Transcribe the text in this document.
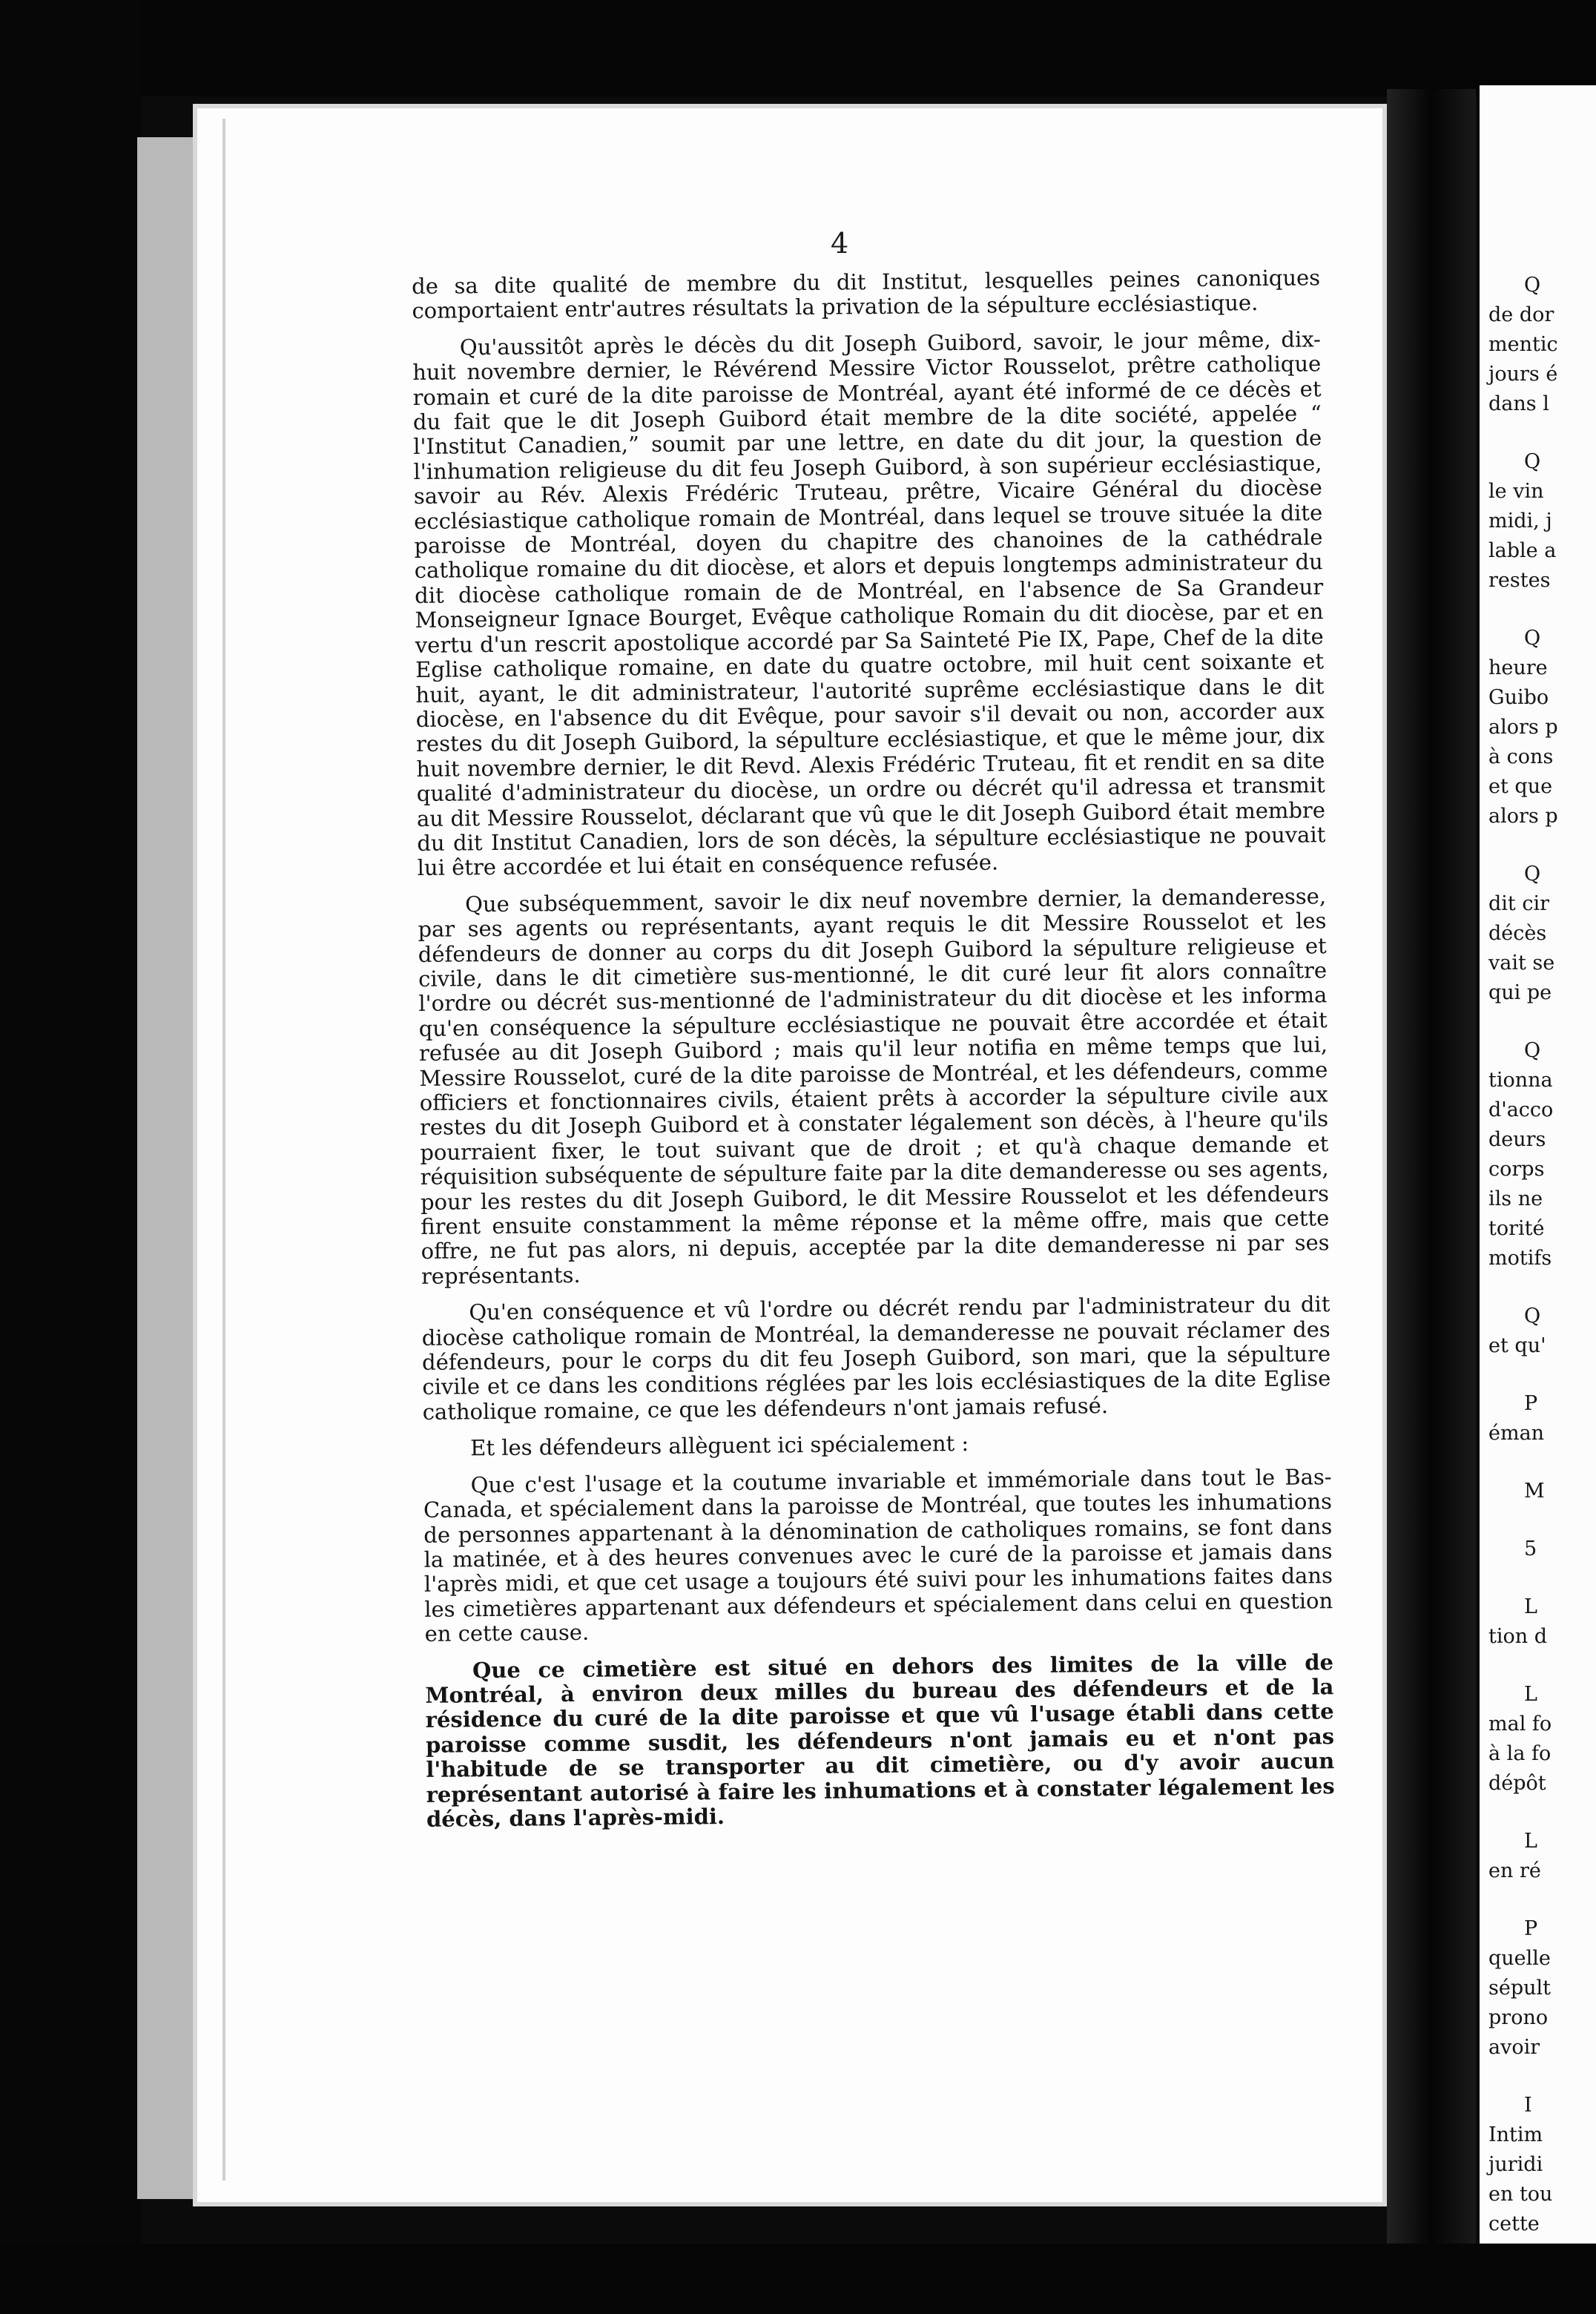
4

de sa dite qualité de membre du dit Institut, lesquelles peines canoniques comportaient entr'autres résultats la privation de la sépulture ecclésiastique.

Qu'aussitôt après le décès du dit Joseph Guibord, savoir, le jour même, dix-huit novembre dernier, le Révérend Messire Victor Rousselot, prêtre catholique romain et curé de la dite paroisse de Montréal, ayant été informé de ce décès et du fait que le dit Joseph Guibord était membre de la dite société, appelée “ l'Institut Canadien,” soumit par une lettre, en date du dit jour, la question de l'inhumation religieuse du dit feu Joseph Guibord, à son supérieur ecclésiastique, savoir au Rév. Alexis Frédéric Truteau, prêtre, Vicaire Général du diocèse ecclésiastique catholique romain de Montréal, dans lequel se trouve située la dite paroisse de Montréal, doyen du chapitre des chanoines de la cathédrale catholique romaine du dit diocèse, et alors et depuis longtemps administrateur du dit diocèse catholique romain de de Montréal, en l'absence de Sa Grandeur Monseigneur Ignace Bourget, Evêque catholique Romain du dit diocèse, par et en vertu d'un rescrit apostolique accordé par Sa Sainteté Pie IX, Pape, Chef de la dite Eglise catholique romaine, en date du quatre octobre, mil huit cent soixante et huit, ayant, le dit administrateur, l'autorité suprême ecclésiastique dans le dit diocèse, en l'absence du dit Evêque, pour savoir s'il devait ou non, accorder aux restes du dit Joseph Guibord, la sépulture ecclésiastique, et que le même jour, dix huit novembre dernier, le dit Revd. Alexis Frédéric Truteau, fit et rendit en sa dite qualité d'administrateur du diocèse, un ordre ou décrét qu'il adressa et transmit au dit Messire Rousselot, déclarant que vû que le dit Joseph Guibord était membre du dit Institut Canadien, lors de son décès, la sépulture ecclésiastique ne pouvait lui être accordée et lui était en conséquence refusée.

Que subséquemment, savoir le dix neuf novembre dernier, la demanderesse, par ses agents ou représentants, ayant requis le dit Messire Rousselot et les défendeurs de donner au corps du dit Joseph Guibord la sépulture religieuse et civile, dans le dit cimetière sus-mentionné, le dit curé leur fit alors connaître l'ordre ou décrét sus-mentionné de l'administrateur du dit diocèse et les informa qu'en conséquence la sépulture ecclésiastique ne pouvait être accordée et était refusée au dit Joseph Guibord ; mais qu'il leur notifia en même temps que lui, Messire Rousselot, curé de la dite paroisse de Montréal, et les défendeurs, comme officiers et fonctionnaires civils, étaient prêts à accorder la sépulture civile aux restes du dit Joseph Guibord et à constater légalement son décès, à l'heure qu'ils pourraient fixer, le tout suivant que de droit ; et qu'à chaque demande et réquisition subséquente de sépulture faite par la dite demanderesse ou ses agents, pour les restes du dit Joseph Guibord, le dit Messire Rousselot et les défendeurs firent ensuite constamment la même réponse et la même offre, mais que cette offre, ne fut pas alors, ni depuis, acceptée par la dite demanderesse ni par ses représentants.

Qu'en conséquence et vû l'ordre ou décrét rendu par l'administrateur du dit diocèse catholique romain de Montréal, la demanderesse ne pouvait réclamer des défendeurs, pour le corps du dit feu Joseph Guibord, son mari, que la sépulture civile et ce dans les conditions réglées par les lois ecclésiastiques de la dite Eglise catholique romaine, ce que les défendeurs n'ont jamais refusé.

Et les défendeurs allèguent ici spécialement :

Que c'est l'usage et la coutume invariable et immémoriale dans tout le Bas-Canada, et spécialement dans la paroisse de Montréal, que toutes les inhumations de personnes appartenant à la dénomination de catholiques romains, se font dans la matinée, et à des heures convenues avec le curé de la paroisse et jamais dans l'après midi, et que cet usage a toujours été suivi pour les inhumations faites dans les cimetières appartenant aux défendeurs et spécialement dans celui en question en cette cause.

Que ce cimetière est situé en dehors des limites de la ville de Montréal, à environ deux milles du bureau des défendeurs et de la résidence du curé de la dite paroisse et que vû l'usage établi dans cette paroisse comme susdit, les défendeurs n'ont jamais eu et n'ont pas l'habitude de se transporter au dit cimetière, ou d'y avoir aucun représentant autorisé à faire les inhumations et à constater légalement les décès, dans l'après-midi.

Q
de dor
mentic
jours é
dans l
Q
le vin
midi, j
lable a
restes
Q
heure
Guibo
alors p
à cons
et que
alors p
Q
dit cir
décès
vait se
qui pe
Q
tionna
d'acco
deurs
corps
ils ne
torité
motifs
Q
et qu'
P
éman
M
5
L
tion d
L
mal fo
à la fo
dépôt
L
en ré
P
quelle
sépult
prono
avoir
I
Intim
juridi
en tou
cette
